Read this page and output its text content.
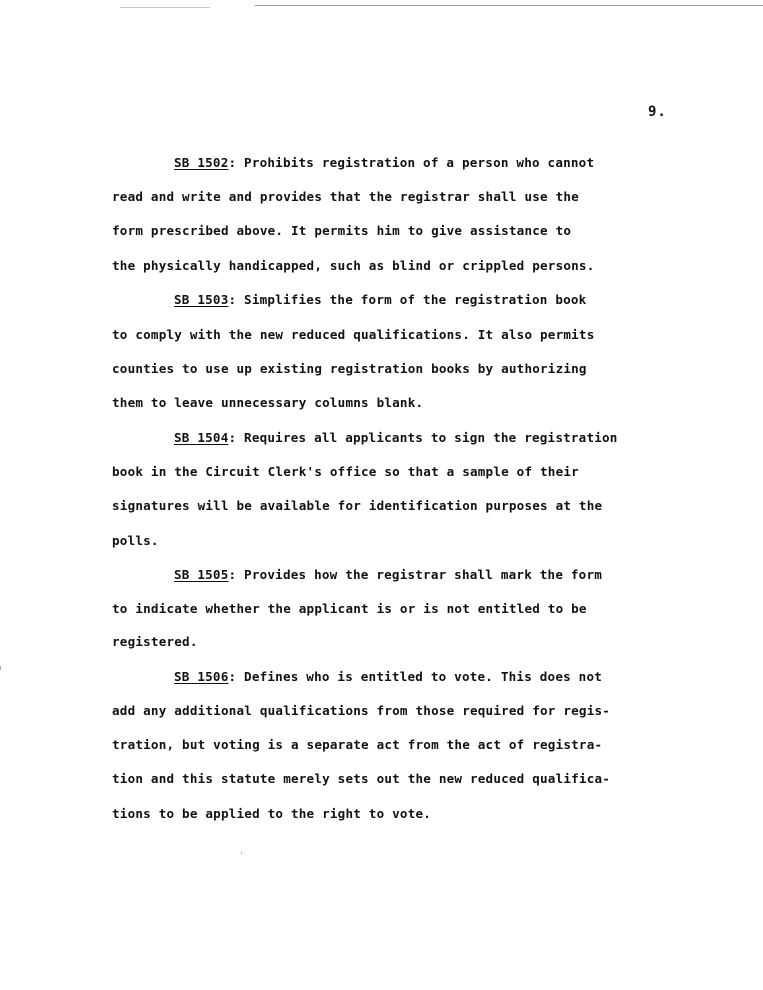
9.
SB 1502: Prohibits registration of a person who cannot
read and write and provides that the registrar shall use the
form prescribed above. It permits him to give assistance to
the physically handicapped, such as blind or crippled persons.
SB 1503: Simplifies the form of the registration book
to comply with the new reduced qualifications. It also permits
counties to use up existing registration books by authorizing
them to leave unnecessary columns blank.
SB 1504: Requires all applicants to sign the registration
book in the Circuit Clerk's office so that a sample of their
signatures will be available for identification purposes at the
polls.
SB 1505: Provides how the registrar shall mark the form
to indicate whether the applicant is or is not entitled to be
registered.
SB 1506: Defines who is entitled to vote. This does not
add any additional qualifications from those required for regis-
tration, but voting is a separate act from the act of registra-
tion and this statute merely sets out the new reduced qualifica-
tions to be applied to the right to vote.
